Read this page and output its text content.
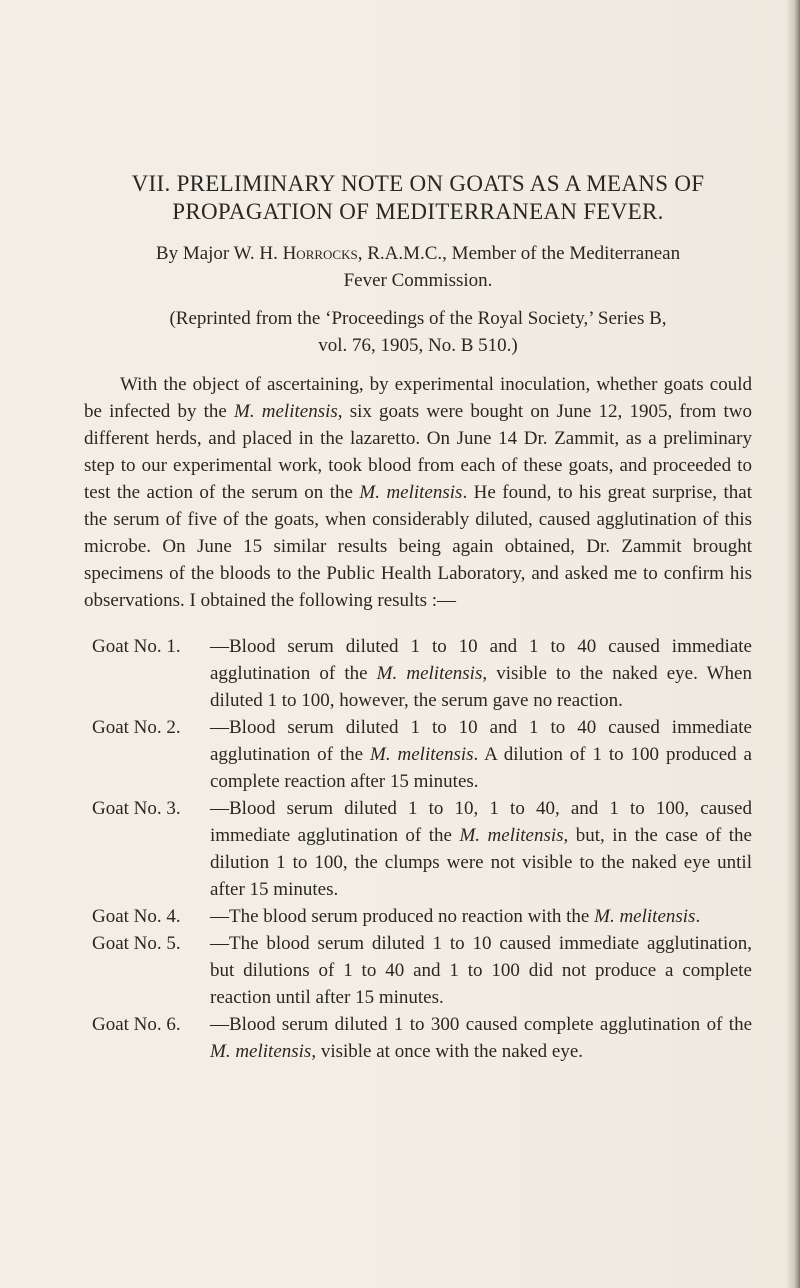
VII. PRELIMINARY NOTE ON GOATS AS A MEANS OF
PROPAGATION OF MEDITERRANEAN FEVER.
By Major W. H. Horrocks, R.A.M.C., Member of the Mediterranean
Fever Commission.
(Reprinted from the ‘Proceedings of the Royal Society,’ Series B,
vol. 76, 1905, No. B 510.)

With the object of ascertaining, by experimental inoculation, whether goats could be infected by the M. melitensis, six goats were bought on June 12, 1905, from two different herds, and placed in the lazaretto. On June 14 Dr. Zammit, as a preliminary step to our experimental work, took blood from each of these goats, and proceeded to test the action of the serum on the M. melitensis. He found, to his great surprise, that the serum of five of the goats, when considerably diluted, caused agglutination of this microbe. On June 15 similar results being again obtained, Dr. Zammit brought specimens of the bloods to the Public Health Laboratory, and asked me to confirm his observations. I obtained the following results :—

Goat No. 1. —Blood serum diluted 1 to 10 and 1 to 40 caused immediate agglutination of the M. melitensis, visible to the naked eye. When diluted 1 to 100, however, the serum gave no reaction.
Goat No. 2. —Blood serum diluted 1 to 10 and 1 to 40 caused immediate agglutination of the M. melitensis. A dilution of 1 to 100 produced a complete reaction after 15 minutes.
Goat No. 3. —Blood serum diluted 1 to 10, 1 to 40, and 1 to 100, caused immediate agglutination of the M. melitensis, but, in the case of the dilution 1 to 100, the clumps were not visible to the naked eye until after 15 minutes.
Goat No. 4. —The blood serum produced no reaction with the M. melitensis.
Goat No. 5. —The blood serum diluted 1 to 10 caused immediate agglutination, but dilutions of 1 to 40 and 1 to 100 did not produce a complete reaction until after 15 minutes.
Goat No. 6. —Blood serum diluted 1 to 300 caused complete agglutination of the M. melitensis, visible at once with the naked eye.
